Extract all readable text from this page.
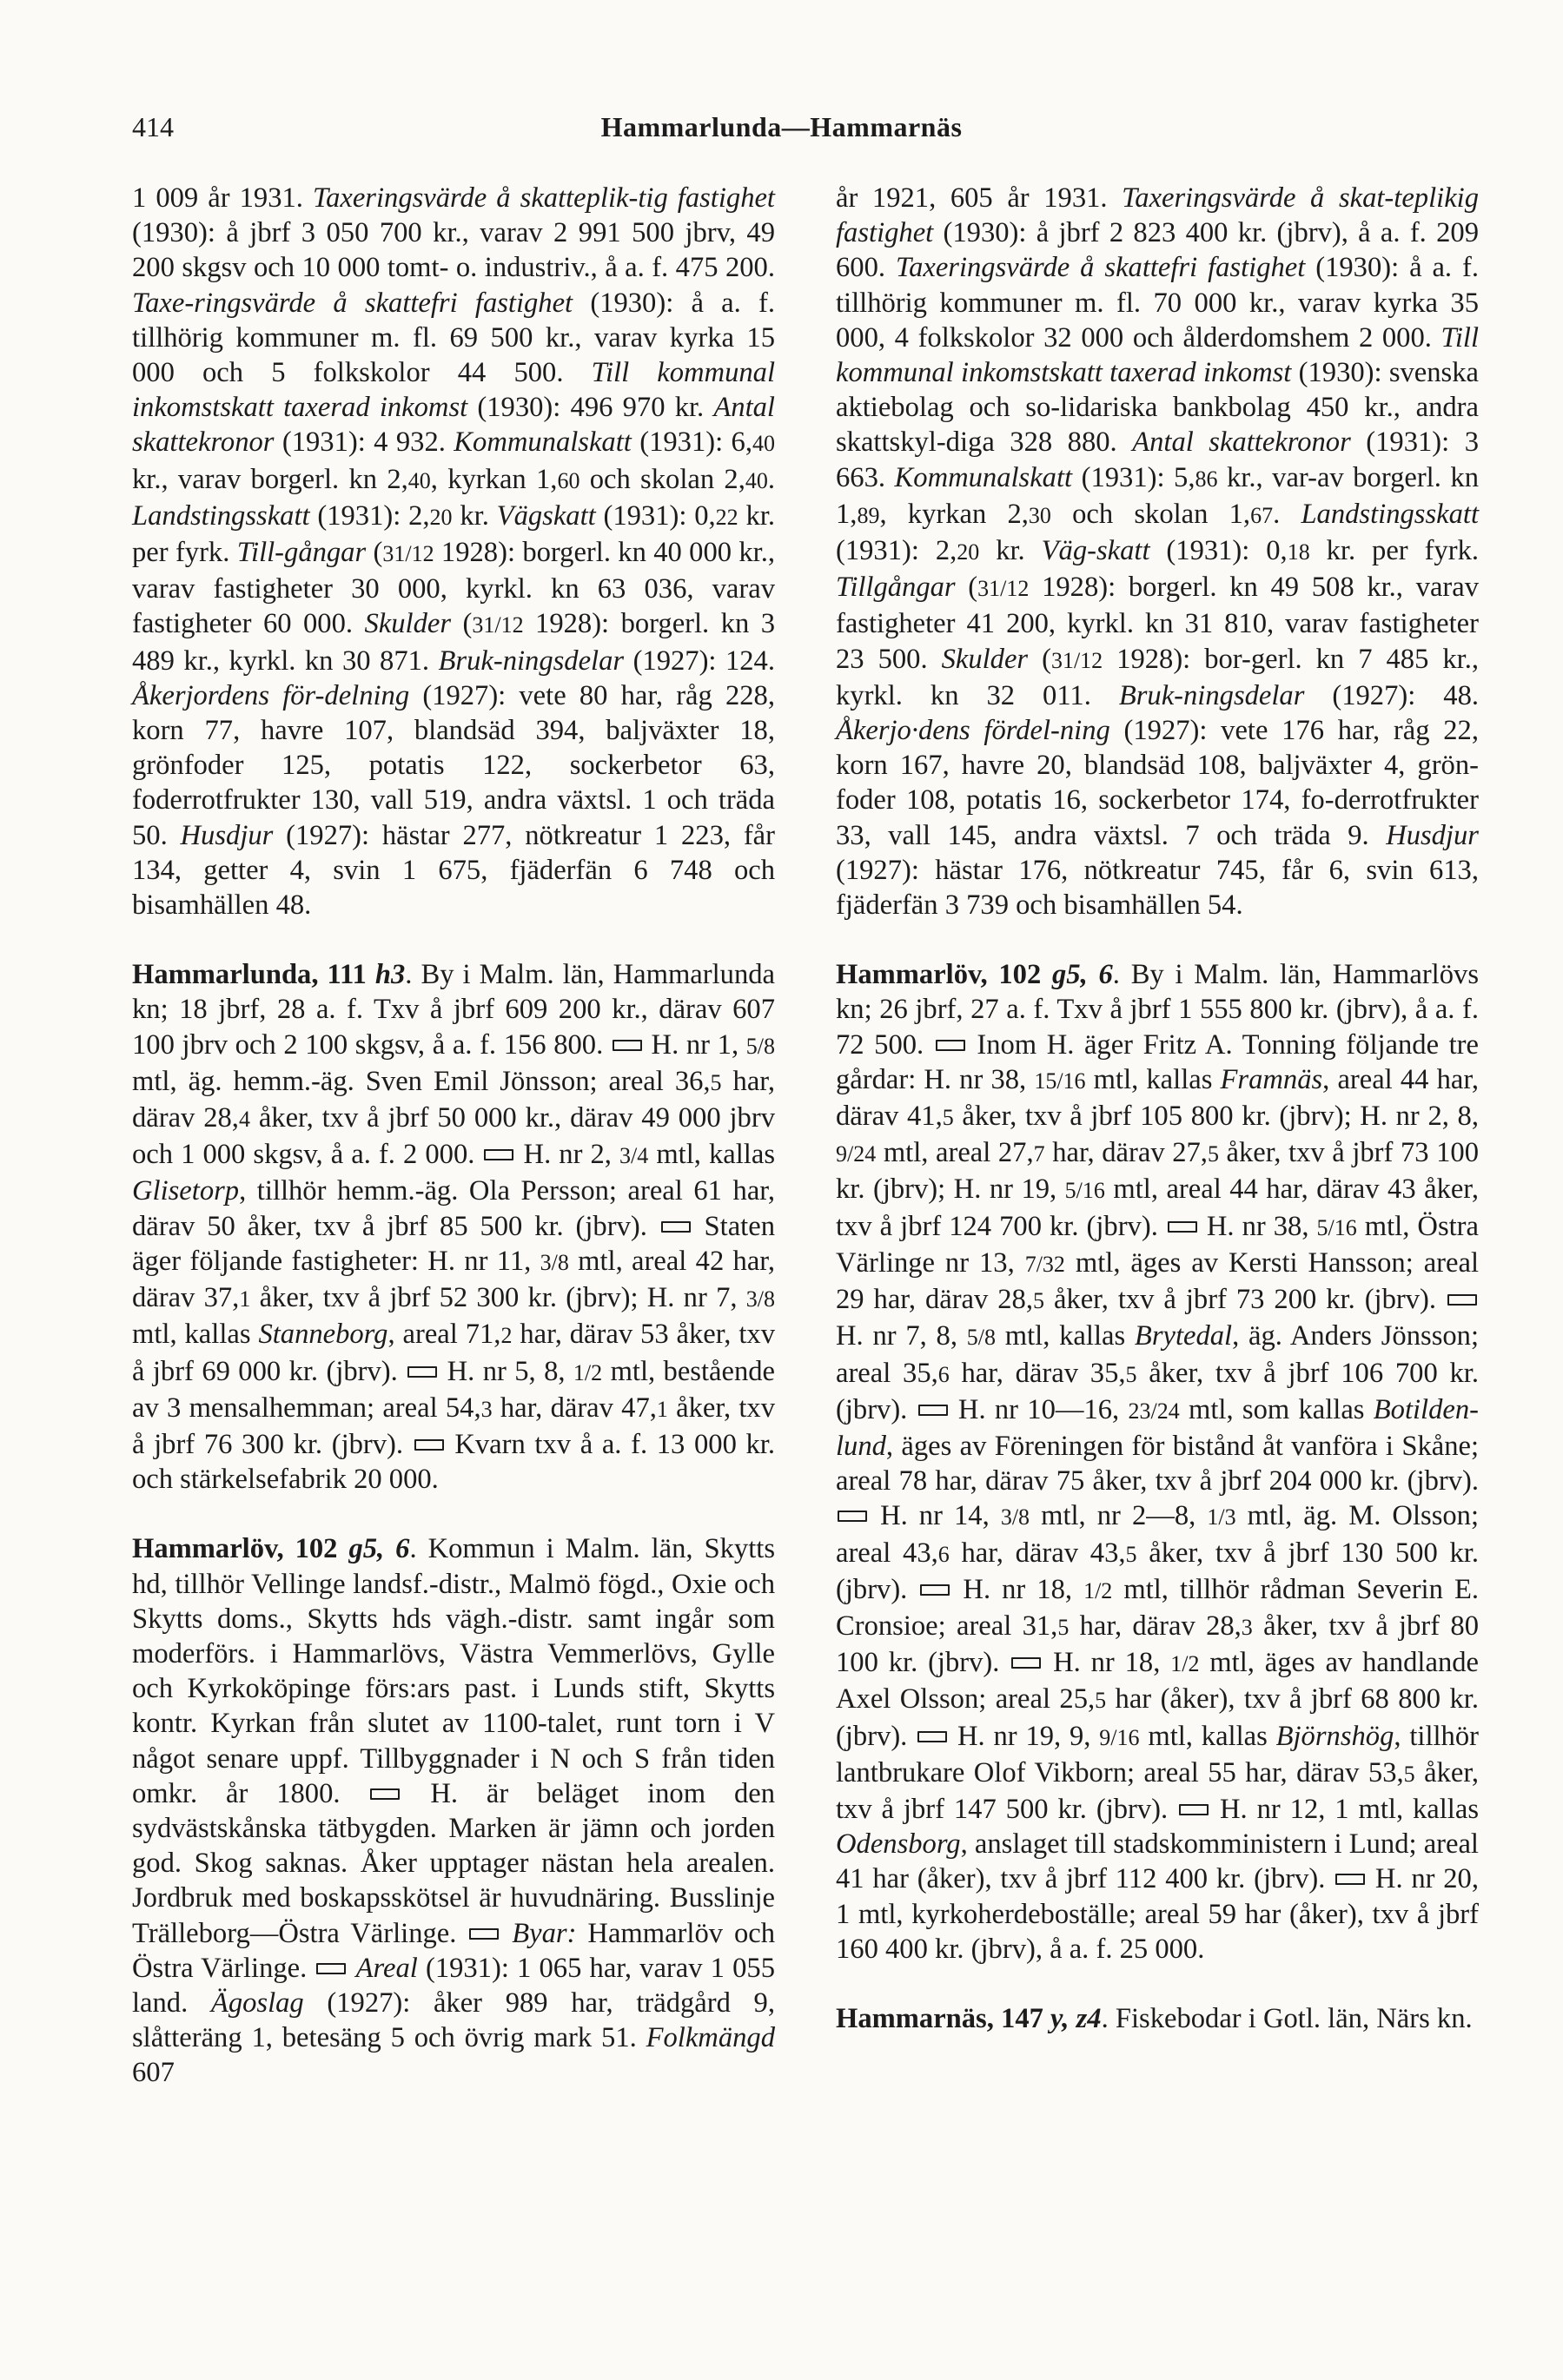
414	Hammarlunda—Hammarnäs

1 009 år 1931. Taxeringsvärde å skatteplik-tig fastighet (1930): å jbrf 3 050 700 kr., varav 2 991 500 jbrv, 49 200 skgsv och 10 000 tomt- o. industriv., å a. f. 475 200. Taxe-ringsvärde å skattefri fastighet (1930): å a. f. tillhörig kommuner m. fl. 69 500 kr., varav kyrka 15 000 och 5 folkskolor 44 500. Till kommunal inkomstskatt taxerad inkomst (1930): 496 970 kr. Antal skattekronor (1931): 4 932. Kommunalskatt (1931): 6,40 kr., varav borgerl. kn 2,40, kyrkan 1,60 och skolan 2,40. Landstingsskatt (1931): 2,20 kr. Vägskatt (1931): 0,22 kr. per fyrk. Till-gångar (31/12 1928): borgerl. kn 40 000 kr., varav fastigheter 30 000, kyrkl. kn 63 036, varav fastigheter 60 000. Skulder (31/12 1928): borgerl. kn 3 489 kr., kyrkl. kn 30 871. Bruk-ningsdelar (1927): 124. Åkerjordens för-delning (1927): vete 80 har, råg 228, korn 77, havre 107, blandsäd 394, baljväxter 18, grönfoder 125, potatis 122, sockerbetor 63, foderrotfrukter 130, vall 519, andra växtsl. 1 och träda 50. Husdjur (1927): hästar 277, nötkreatur 1 223, får 134, getter 4, svin 1 675, fjäderfän 6 748 och bisamhällen 48.

Hammarlunda, 111 h3. By i Malm. län, Hammarlunda kn; 18 jbrf, 28 a. f. Txv å jbrf 609 200 kr., därav 607 100 jbrv och 2 100 skgsv, å a. f. 156 800.  H. nr 1, 5/8 mtl, äg. hemm.-äg. Sven Emil Jönsson; areal 36,5 har, därav 28,4 åker, txv å jbrf 50 000 kr., därav 49 000 jbrv och 1 000 skgsv, å a. f. 2 000.  H. nr 2, 3/4 mtl, kallas Glisetorp, tillhör hemm.-äg. Ola Persson; areal 61 har, därav 50 åker, txv å jbrf 85 500 kr. (jbrv).  Staten äger följande fastigheter: H. nr 11, 3/8 mtl, areal 42 har, därav 37,1 åker, txv å jbrf 52 300 kr. (jbrv); H. nr 7, 3/8 mtl, kallas Stanneborg, areal 71,2 har, därav 53 åker, txv å jbrf 69 000 kr. (jbrv).  H. nr 5, 8, 1/2 mtl, bestående av 3 mensalhemman; areal 54,3 har, därav 47,1 åker, txv å jbrf 76 300 kr. (jbrv).  Kvarn txv å a. f. 13 000 kr. och stärkelsefabrik 20 000.

Hammarlöv, 102 g5, 6. Kommun i Malm. län, Skytts hd, tillhör Vellinge landsf.-distr., Malmö fögd., Oxie och Skytts doms., Skytts hds vägh.-distr. samt ingår som moderförs. i Hammarlövs, Västra Vemmerlövs, Gylle och Kyrkoköpinge förs:ars past. i Lunds stift, Skytts kontr. Kyrkan från slutet av 1100-talet, runt torn i V något senare uppf. Tillbyggnader i N och S från tiden omkr. år 1800.  H. är beläget inom den sydvästskånska tätbygden. Marken är jämn och jorden god. Skog saknas. Åker upptager nästan hela arealen. Jordbruk med boskapsskötsel är huvudnäring. Busslinje Trälleborg—Östra Värlinge.  Byar: Hammarlöv och Östra Värlinge.  Areal (1931): 1 065 har, varav 1 055 land. Ägoslag (1927): åker 989 har, trädgård 9, slåtteräng 1, betesäng 5 och övrig mark 51. Folkmängd 607

år 1921, 605 år 1931. Taxeringsvärde å skat-teplikig fastighet (1930): å jbrf 2 823 400 kr. (jbrv), å a. f. 209 600. Taxeringsvärde å skattefri fastighet (1930): å a. f. tillhörig kommuner m. fl. 70 000 kr., varav kyrka 35 000, 4 folkskolor 32 000 och ålderdomshem 2 000. Till kommunal inkomstskatt taxerad inkomst (1930): svenska aktiebolag och so-lidariska bankbolag 450 kr., andra skattskyl-diga 328 880. Antal skattekronor (1931): 3 663. Kommunalskatt (1931): 5,86 kr., var-av borgerl. kn 1,89, kyrkan 2,30 och skolan 1,67. Landstingsskatt (1931): 2,20 kr. Väg-skatt (1931): 0,18 kr. per fyrk. Tillgångar (31/12 1928): borgerl. kn 49 508 kr., varav fastigheter 41 200, kyrkl. kn 31 810, varav fastigheter 23 500. Skulder (31/12 1928): bor-gerl. kn 7 485 kr., kyrkl. kn 32 011. Bruk-ningsdelar (1927): 48. Åkerjo·dens fördel-ning (1927): vete 176 har, råg 22, korn 167, havre 20, blandsäd 108, baljväxter 4, grön-foder 108, potatis 16, sockerbetor 174, fo-derrotfrukter 33, vall 145, andra växtsl. 7 och träda 9. Husdjur (1927): hästar 176, nötkreatur 745, får 6, svin 613, fjäderfän 3 739 och bisamhällen 54.

Hammarlöv, 102 g5, 6. By i Malm. län, Hammarlövs kn; 26 jbrf, 27 a. f. Txv å jbrf 1 555 800 kr. (jbrv), å a. f. 72 500.  Inom H. äger Fritz A. Tonning följande tre gårdar: H. nr 38, 15/16 mtl, kallas Framnäs, areal 44 har, därav 41,5 åker, txv å jbrf 105 800 kr. (jbrv); H. nr 2, 8, 9/24 mtl, areal 27,7 har, därav 27,5 åker, txv å jbrf 73 100 kr. (jbrv); H. nr 19, 5/16 mtl, areal 44 har, därav 43 åker, txv å jbrf 124 700 kr. (jbrv).  H. nr 38, 5/16 mtl, Östra Värlinge nr 13, 7/32 mtl, äges av Kersti Hansson; areal 29 har, därav 28,5 åker, txv å jbrf 73 200 kr. (jbrv).  H. nr 7, 8, 5/8 mtl, kallas Brytedal, äg. Anders Jönsson; areal 35,6 har, därav 35,5 åker, txv å jbrf 106 700 kr. (jbrv).  H. nr 10—16, 23/24 mtl, som kallas Botilden-lund, äges av Föreningen för bistånd åt vanföra i Skåne; areal 78 har, därav 75 åker, txv å jbrf 204 000 kr. (jbrv).  H. nr 14, 3/8 mtl, nr 2—8, 1/3 mtl, äg. M. Olsson; areal 43,6 har, därav 43,5 åker, txv å jbrf 130 500 kr. (jbrv).  H. nr 18, 1/2 mtl, tillhör rådman Severin E. Cronsioe; areal 31,5 har, därav 28,3 åker, txv å jbrf 80 100 kr. (jbrv).  H. nr 18, 1/2 mtl, äges av handlande Axel Olsson; areal 25,5 har (åker), txv å jbrf 68 800 kr. (jbrv).  H. nr 19, 9, 9/16 mtl, kallas Björnshög, tillhör lantbrukare Olof Vikborn; areal 55 har, därav 53,5 åker, txv å jbrf 147 500 kr. (jbrv).  H. nr 12, 1 mtl, kallas Odensborg, anslaget till stadskomministern i Lund; areal 41 har (åker), txv å jbrf 112 400 kr. (jbrv).  H. nr 20, 1 mtl, kyrkoherdeboställe; areal 59 har (åker), txv å jbrf 160 400 kr. (jbrv), å a. f. 25 000.

Hammarnäs, 147 y, z4. Fiskebodar i Gotl. län, Närs kn.
